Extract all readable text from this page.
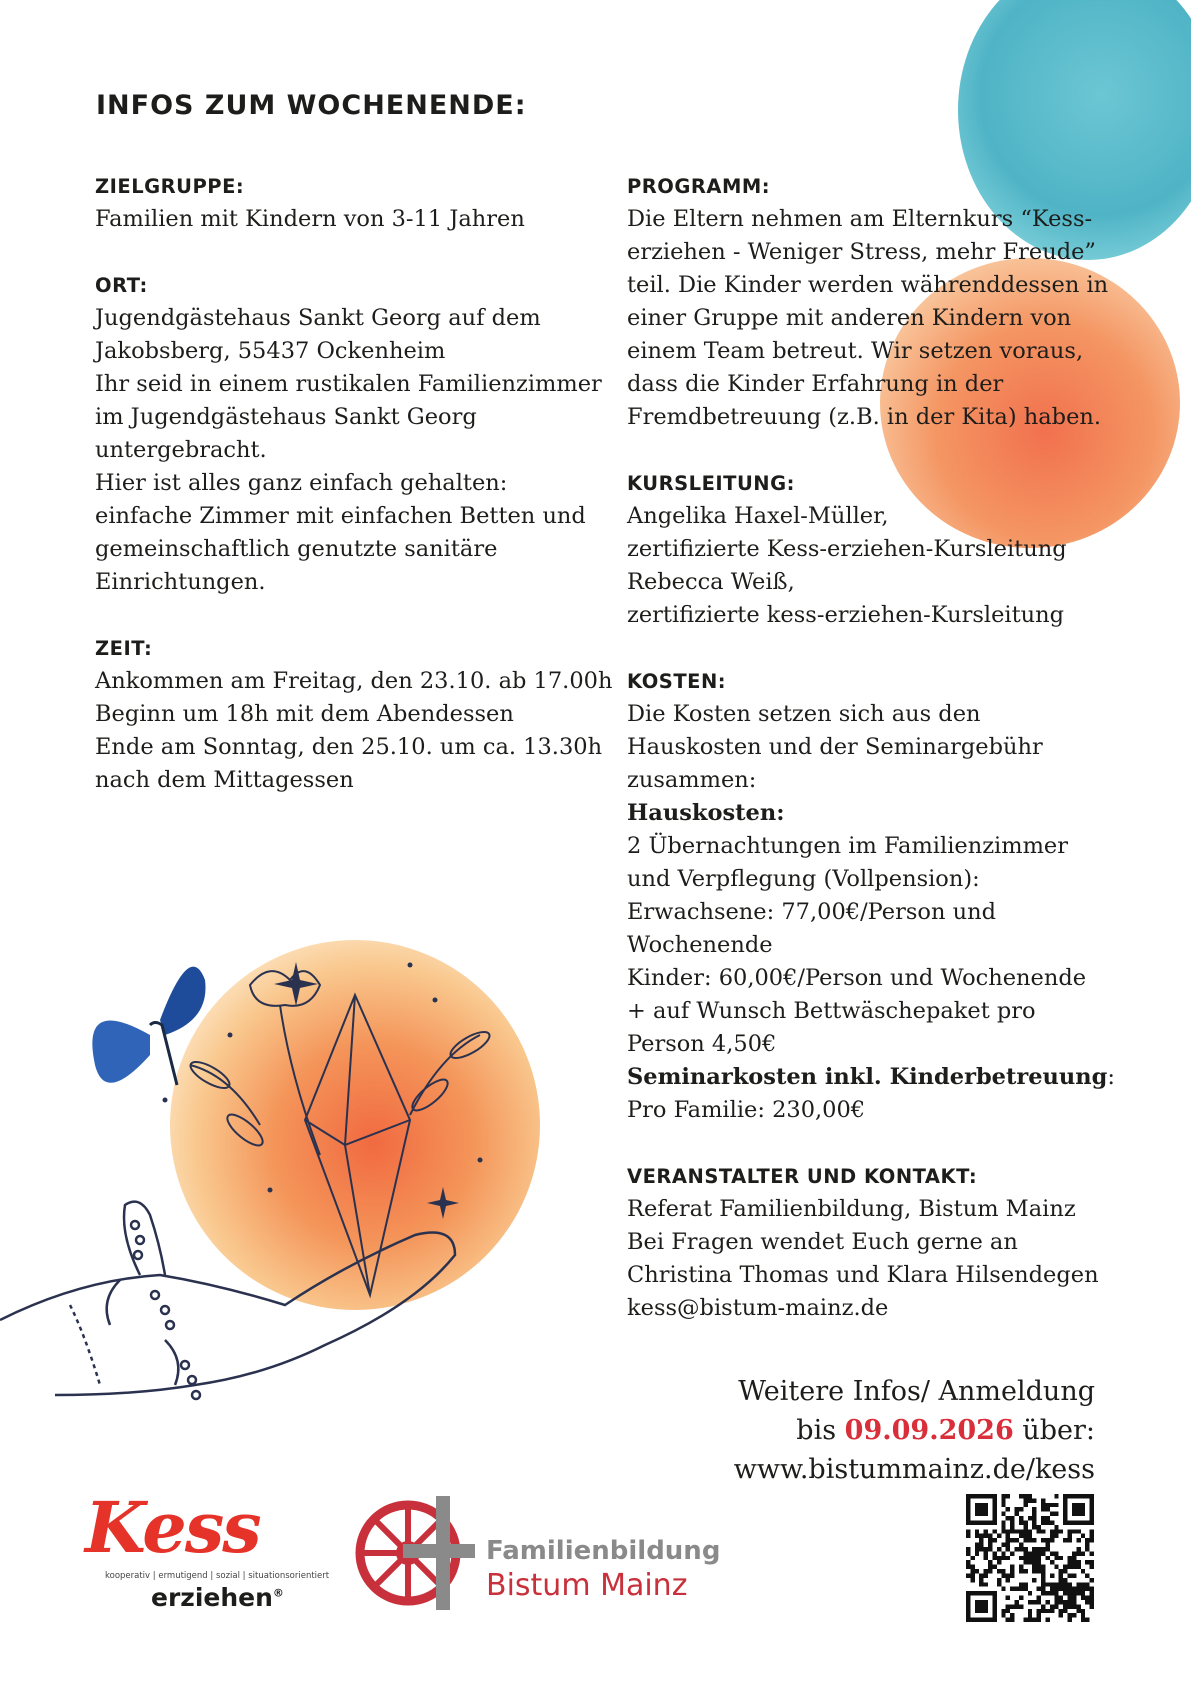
INFOS ZUM WOCHENENDE:
ZIELGRUPPE:
Familien mit Kindern von 3-11 Jahren
ORT:
Jugendgästehaus Sankt Georg auf dem
Jakobsberg, 55437 Ockenheim
Ihr seid in einem rustikalen Familienzimmer
im Jugendgästehaus Sankt Georg
untergebracht.
Hier ist alles ganz einfach gehalten:
einfache Zimmer mit einfachen Betten und
gemeinschaftlich genutzte sanitäre
Einrichtungen.
ZEIT:
Ankommen am Freitag, den 23.10. ab 17.00h
Beginn um 18h mit dem Abendessen
Ende am Sonntag, den 25.10. um ca. 13.30h
nach dem Mittagessen
PROGRAMM:
Die Eltern nehmen am Elternkurs “Kess-
erziehen - Weniger Stress, mehr Freude”
teil. Die Kinder werden währenddessen in
einer Gruppe mit anderen Kindern von
einem Team betreut. Wir setzen voraus,
dass die Kinder Erfahrung in der
Fremdbetreuung (z.B. in der Kita) haben.
KURSLEITUNG:
Angelika Haxel-Müller,
zertifizierte Kess-erziehen-Kursleitung
Rebecca Weiß,
zertifizierte kess-erziehen-Kursleitung
KOSTEN:
Die Kosten setzen sich aus den
Hauskosten und der Seminargebühr
zusammen:
Hauskosten:
2 Übernachtungen im Familienzimmer
und Verpflegung (Vollpension):
Erwachsene: 77,00€/Person und
Wochenende
Kinder: 60,00€/Person und Wochenende
+ auf Wunsch Bettwäschepaket pro
Person 4,50€
Seminarkosten inkl. Kinderbetreuung:
Pro Familie: 230,00€
VERANSTALTER UND KONTAKT:
Referat Familienbildung, Bistum Mainz
Bei Fragen wendet Euch gerne an
Christina Thomas und Klara Hilsendegen
kess@bistum-mainz.de
Weitere Infos/ Anmeldung
bis 09.09.2026 über:
www.bistummainz.de/kess
Kess
kooperativ | ermutigend | sozial | situationsorientiert
erziehen®
Familienbildung
Bistum Mainz
